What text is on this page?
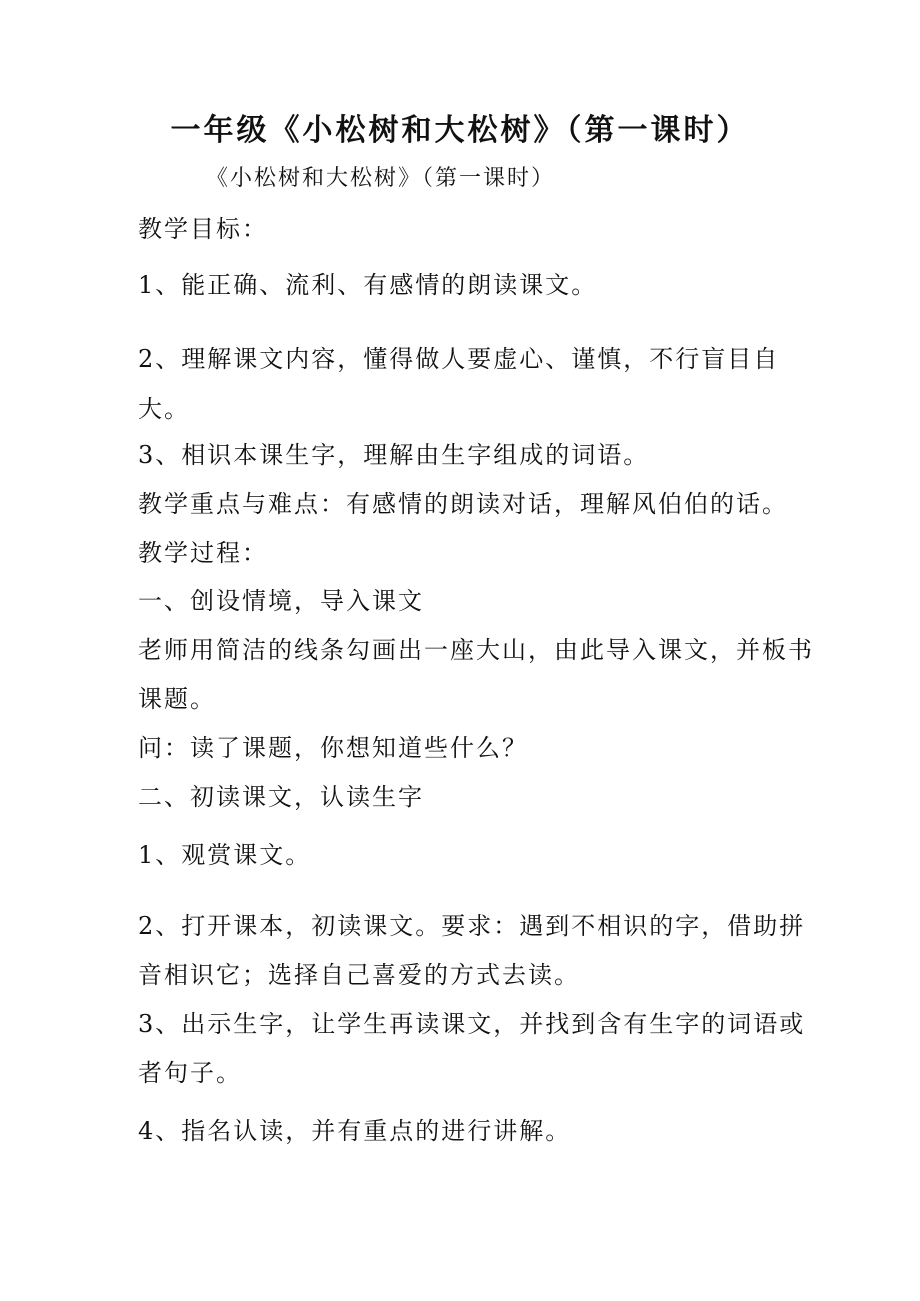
一年级《小松树和大松树》（第一课时）
《小松树和大松树》（第一课时）
教学目标：
1、能正确、流利、有感情的朗读课文。
2、理解课文内容，懂得做人要虚心、谨慎，不行盲目自
大。
3、相识本课生字，理解由生字组成的词语。
教学重点与难点：有感情的朗读对话，理解风伯伯的话。
教学过程：
一、创设情境，导入课文
老师用简洁的线条勾画出一座大山，由此导入课文，并板书
课题。
问：读了课题，你想知道些什么？
二、初读课文，认读生字
1、观赏课文。
2、打开课本，初读课文。要求：遇到不相识的字，借助拼
音相识它；选择自己喜爱的方式去读。
3、出示生字，让学生再读课文，并找到含有生字的词语或
者句子。
4、指名认读，并有重点的进行讲解。
